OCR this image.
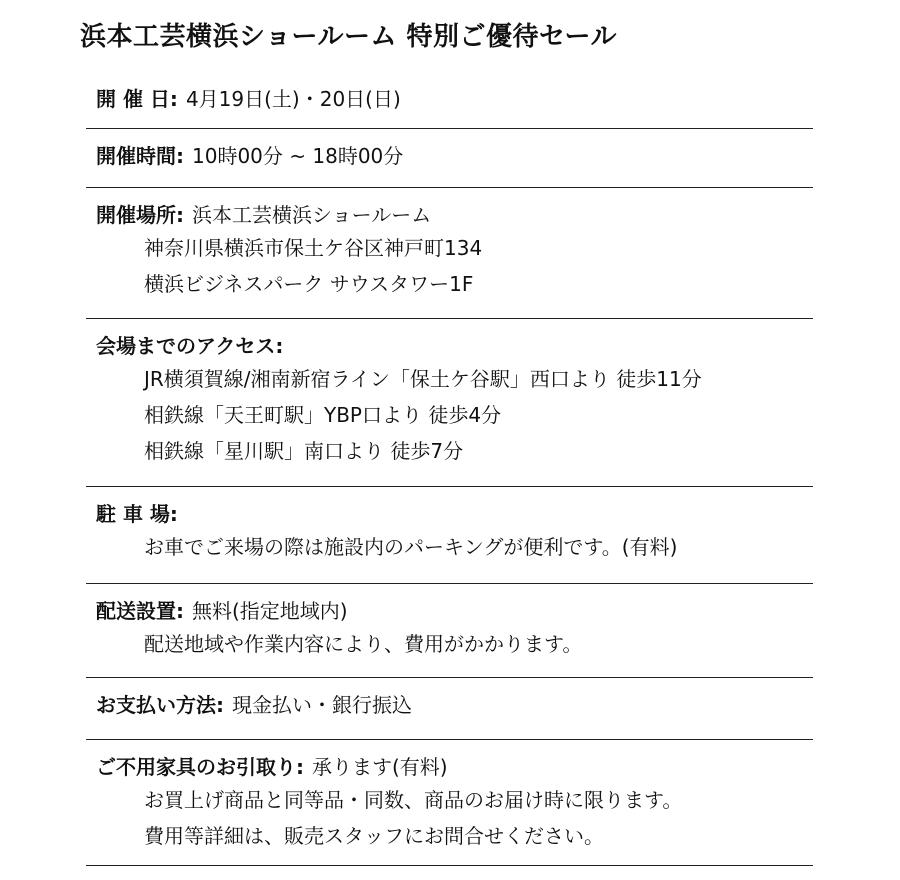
浜本工芸横浜ショールーム 特別ご優待セール
開 催 日: 4月19日(土)・20日(日)
開催時間: 10時00分 ~ 18時00分
開催場所: 浜本工芸横浜ショールーム
神奈川県横浜市保土ケ谷区神戸町134
横浜ビジネスパーク サウスタワー1F
会場までのアクセス:
JR横須賀線/湘南新宿ライン「保土ケ谷駅」西口より 徒歩11分
相鉄線「天王町駅」YBP口より 徒歩4分
相鉄線「星川駅」南口より 徒歩7分
駐 車 場:
お車でご来場の際は施設内のパーキングが便利です。(有料)
配送設置: 無料(指定地域内)
配送地域や作業内容により、費用がかかります。
お支払い方法: 現金払い・銀行振込
ご不用家具のお引取り: 承ります(有料)
お買上げ商品と同等品・同数、商品のお届け時に限ります。
費用等詳細は、販売スタッフにお問合せください。
